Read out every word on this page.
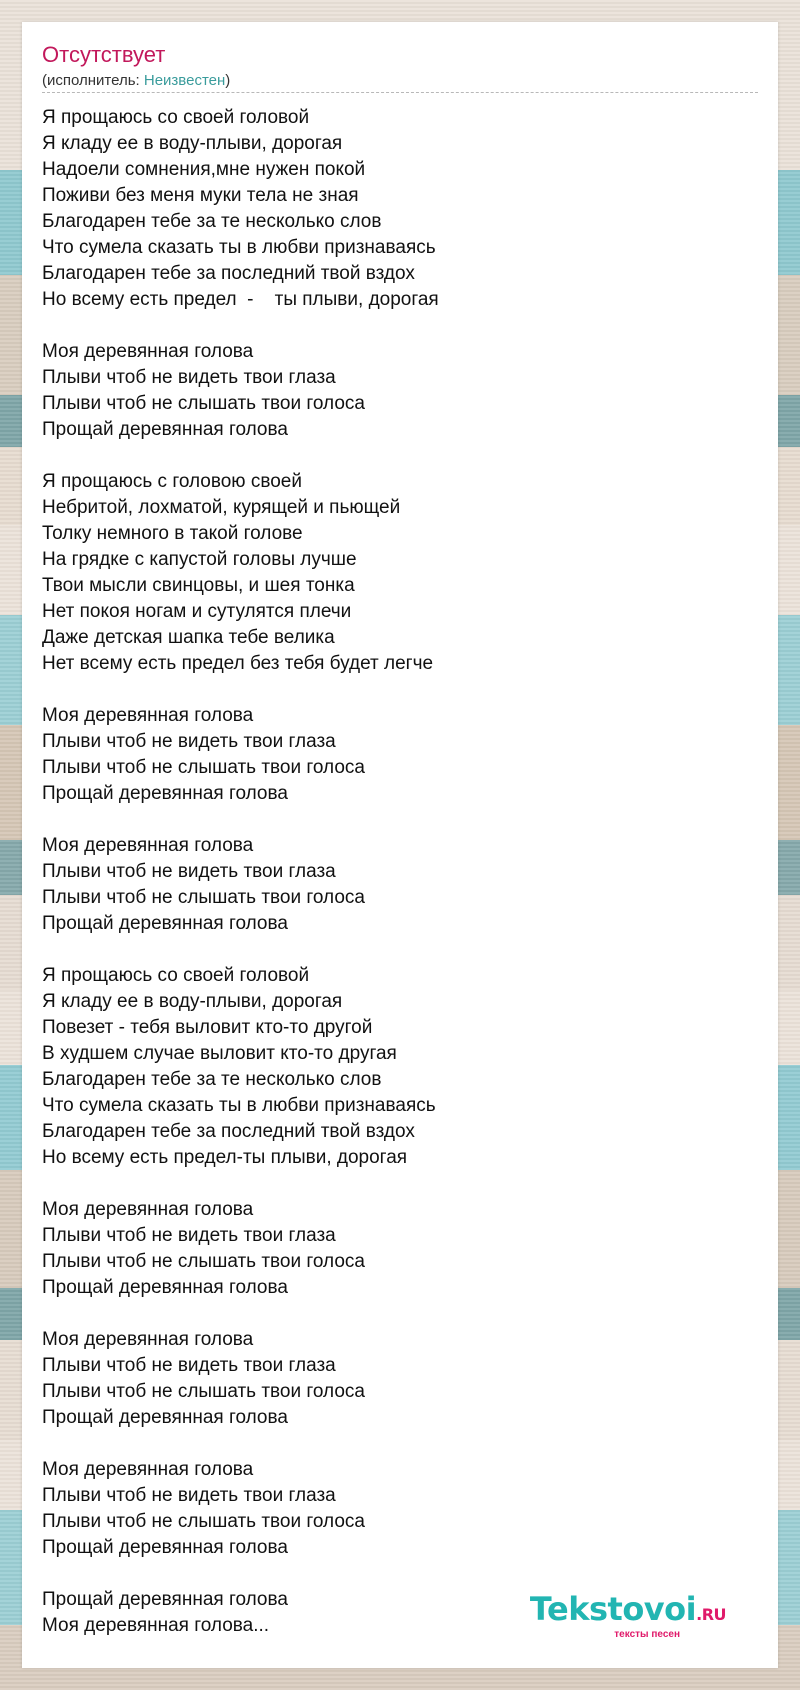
Отсутствует
(исполнитель: Неизвестен)
Я прощаюсь со своей головой
Я кладу ее в воду-плыви, дорогая
Надоели сомнения,мне нужен покой
Поживи без меня муки тела не зная
Благодарен тебе за те несколько слов
Что сумела сказать ты в любви признаваясь
Благодарен тебе за последний твой вздох
Но всему есть предел  -    ты плыви, дорогая
Моя деревянная голова
Плыви чтоб не видеть твои глаза
Плыви чтоб не слышать твои голоса
Прощай деревянная голова
Я прощаюсь с головою своей
Небритой, лохматой, курящей и пьющей
Толку немного в такой голове
На грядке с капустой головы лучше
Твои мысли свинцовы, и шея тонка
Нет покоя ногам и сутулятся плечи
Даже детская шапка тебе велика
Нет всему есть предел без тебя будет легче
Моя деревянная голова
Плыви чтоб не видеть твои глаза
Плыви чтоб не слышать твои голоса
Прощай деревянная голова
Моя деревянная голова
Плыви чтоб не видеть твои глаза
Плыви чтоб не слышать твои голоса
Прощай деревянная голова
Я прощаюсь со своей головой
Я кладу ее в воду-плыви, дорогая
Повезет - тебя выловит кто-то другой
В худшем случае выловит кто-то другая
Благодарен тебе за те несколько слов
Что сумела сказать ты в любви признаваясь
Благодарен тебе за последний твой вздох
Но всему есть предел-ты плыви, дорогая
Моя деревянная голова
Плыви чтоб не видеть твои глаза
Плыви чтоб не слышать твои голоса
Прощай деревянная голова
Моя деревянная голова
Плыви чтоб не видеть твои глаза
Плыви чтоб не слышать твои голоса
Прощай деревянная голова
Моя деревянная голова
Плыви чтоб не видеть твои глаза
Плыви чтоб не слышать твои голоса
Прощай деревянная голова
Прощай деревянная голова
Моя деревянная голова...	Tekstovoi.RU
тексты песен
